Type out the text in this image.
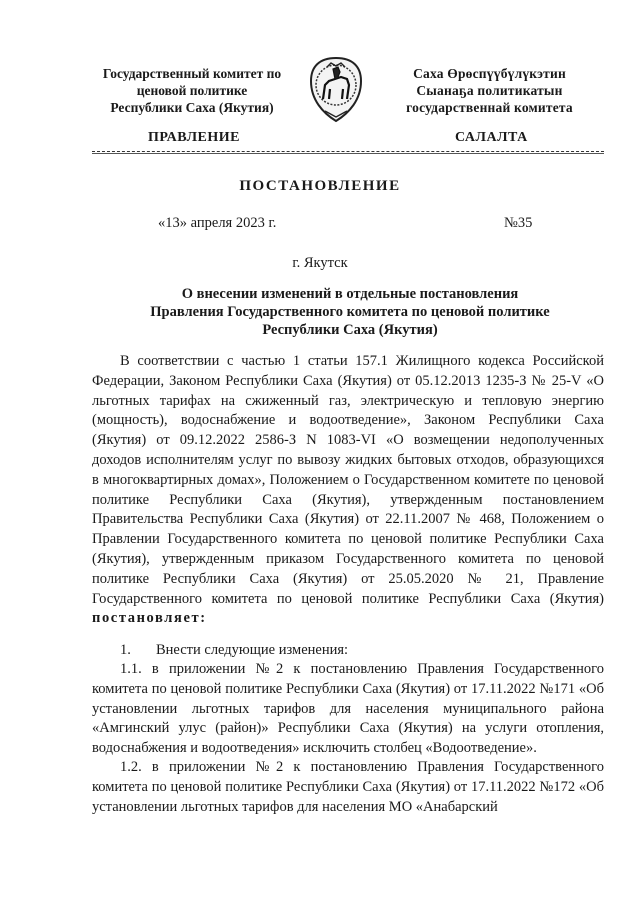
Государственный комитет по
ценовой политике
Республики Саха (Якутия)
Саха Өрөспүүбүлүкэтин
Сыанаҕа политикатын
государственнай комитета
ПРАВЛЕНИЕ	САЛАЛТА
ПОСТАНОВЛЕНИЕ
«13» апреля 2023 г.	№35
г. Якутск
О внесении изменений в отдельные постановления
Правления Государственного комитета по ценовой политике
Республики Саха (Якутия)

В соответствии с частью 1 статьи 157.1 Жилищного кодекса Российской Федерации, Законом Республики Саха (Якутия) от 05.12.2013 1235-З № 25-V «О льготных тарифах на сжиженный газ, электрическую и тепловую энергию (мощность), водоснабжение и водоотведение», Законом Республики Саха (Якутия) от 09.12.2022 2586-З N 1083-VI «О возмещении недополученных доходов исполнителям услуг по вывозу жидких бытовых отходов, образующихся в многоквартирных домах», Положением о Государственном комитете по ценовой политике Республики Саха (Якутия), утвержденным постановлением Правительства Республики Саха (Якутия) от 22.11.2007 № 468, Положением о Правлении Государственного комитета по ценовой политике Республики Саха (Якутия), утвержденным приказом Государственного комитета по ценовой политике Республики Саха (Якутия) от 25.05.2020 № 21, Правление Государственного комитета по ценовой политике Республики Саха (Якутия) постановляет:

1. Внести следующие изменения:

1.1. в приложении №2 к постановлению Правления Государственного комитета по ценовой политике Республики Саха (Якутия) от 17.11.2022 №171 «Об установлении льготных тарифов для населения муниципального района «Амгинский улус (район)» Республики Саха (Якутия) на услуги отопления, водоснабжения и водоотведения» исключить столбец «Водоотведение».

1.2. в приложении №2 к постановлению Правления Государственного комитета по ценовой политике Республики Саха (Якутия) от 17.11.2022 №172 «Об установлении льготных тарифов для населения МО «Анабарский
